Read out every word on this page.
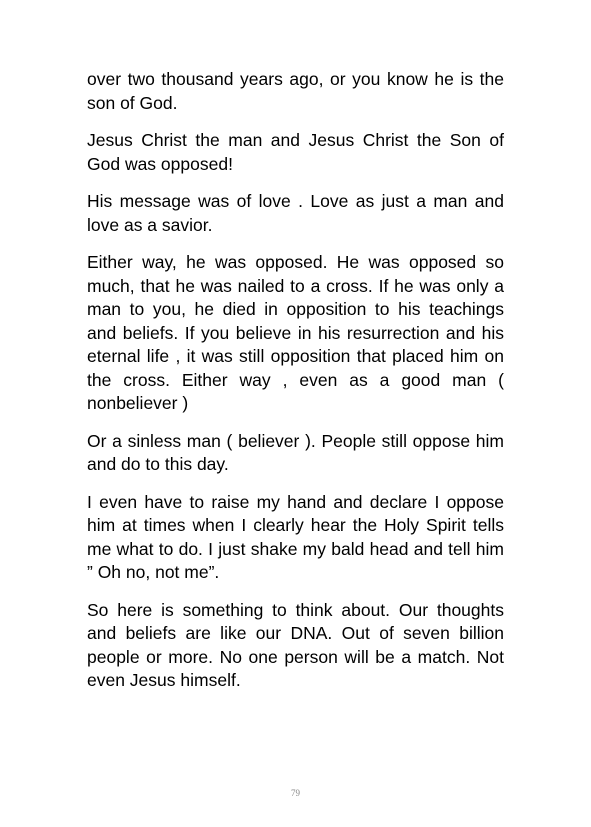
over two thousand years ago, or you know he is the son of God.

Jesus Christ the man and Jesus Christ the Son of God was opposed!

His message was of love . Love as just a man and love as a savior.

Either way, he was opposed. He was opposed so much, that he was nailed to a cross. If he was only a man to you, he died in opposition to his teachings and beliefs. If you believe in his resurrection and his eternal life , it was still opposition that placed him on the cross. Either way , even as a good man ( nonbeliever )

Or a sinless man ( believer ). People still oppose him and do to this day.

I even have to raise my hand and declare I oppose him at times when I clearly hear the Holy Spirit tells me what to do. I just shake my bald head and tell him ” Oh no, not me”.

So here is something to think about. Our thoughts and beliefs are like our DNA. Out of seven billion people or more. No one person will be a match. Not even Jesus himself.

79
